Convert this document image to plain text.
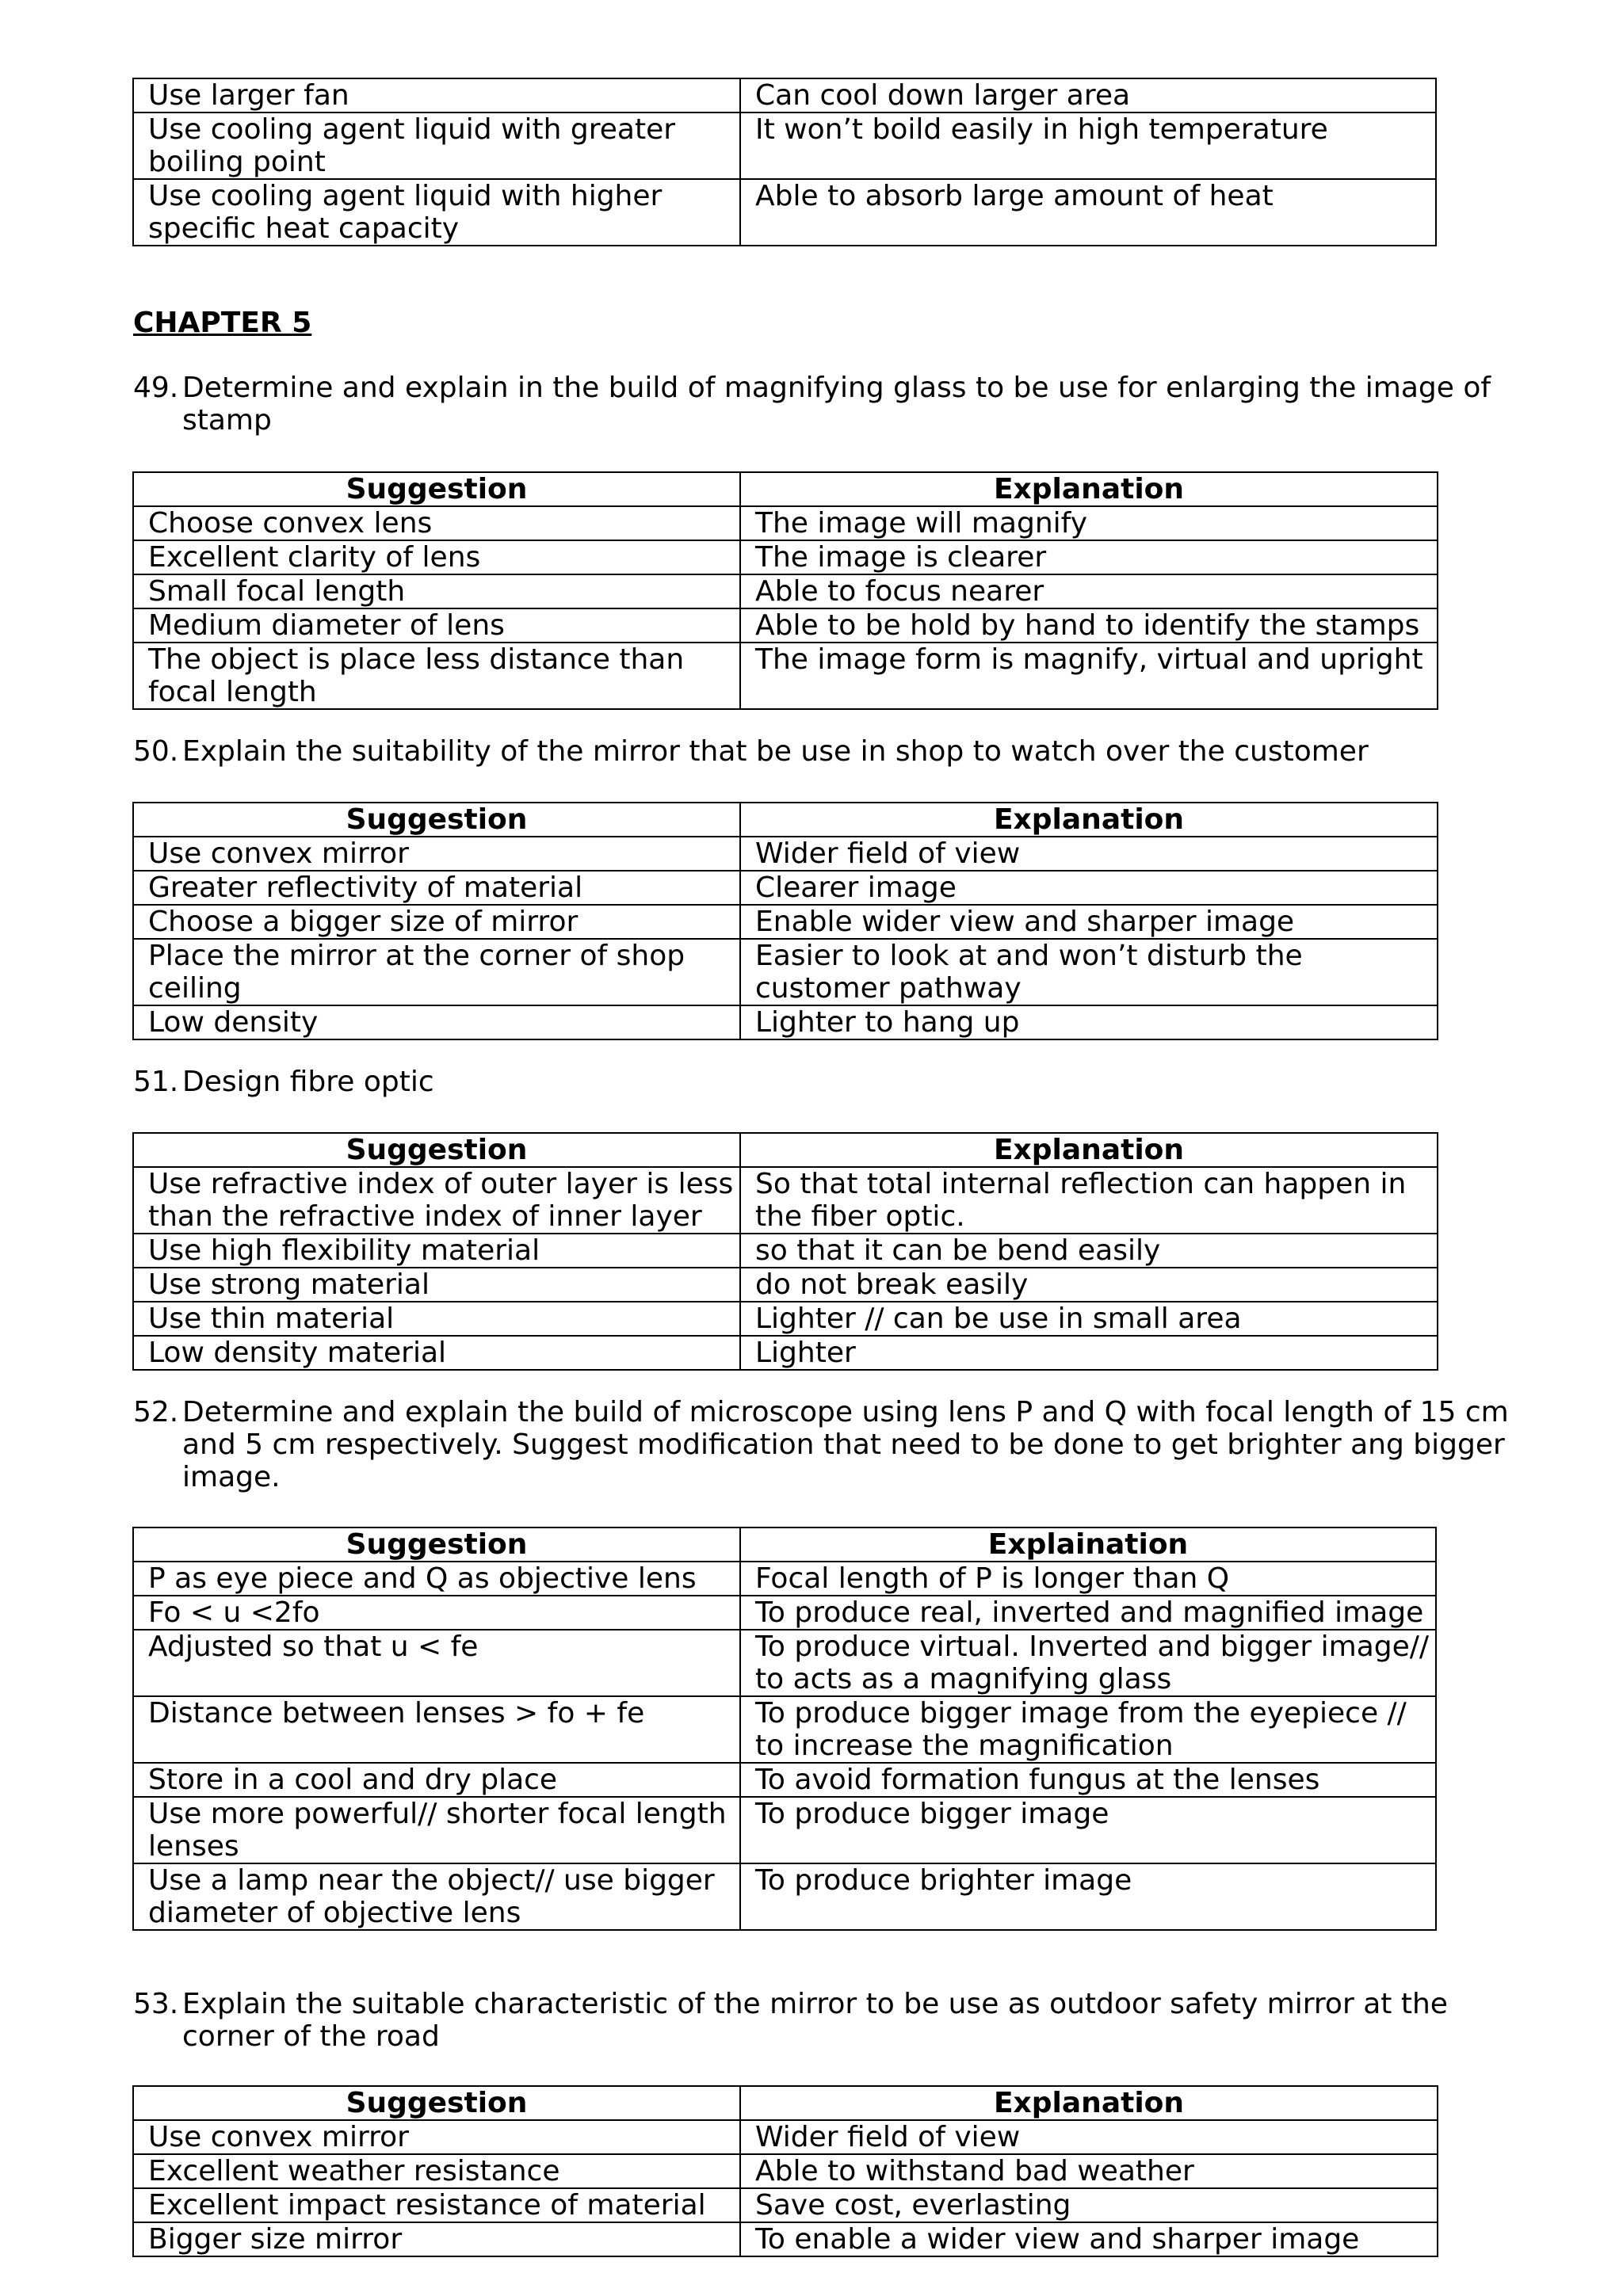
Use larger fan	Can cool down larger area
Use cooling agent liquid with greater boiling point	It won’t boild easily in high temperature
Use cooling agent liquid with higher specific heat capacity	Able to absorb large amount of heat

CHAPTER 5

49. Determine and explain in the build of magnifying glass to be use for enlarging the image of stamp
Suggestion	Explanation
Choose convex lens	The image will magnify
Excellent clarity of lens	The image is clearer
Small focal length	Able to focus nearer
Medium diameter of lens	Able to be hold by hand to identify the stamps
The object is place less distance than focal length	The image form is magnify, virtual and upright
50. Explain the suitability of the mirror that be use in shop to watch over the customer
Suggestion	Explanation
Use convex mirror	Wider field of view
Greater reflectivity of material	Clearer image
Choose a bigger size of mirror	Enable wider view and sharper image
Place the mirror at the corner of shop ceiling	Easier to look at and won’t disturb the customer pathway
Low density	Lighter to hang up
51. Design fibre optic
Suggestion	Explanation
Use refractive index of outer layer is less than the refractive index of inner layer	So that total internal reflection can happen in the fiber optic.
Use high flexibility material	so that it can be bend easily
Use strong material	do not break easily
Use thin material	Lighter // can be use in small area
Low density material	Lighter
52. Determine and explain the build of microscope using lens P and Q with focal length of 15 cm and 5 cm respectively. Suggest modification that need to be done to get brighter ang bigger image.
Suggestion	Explaination
P as eye piece and Q as objective lens	Focal length of P is longer than Q
Fo < u <2fo	To produce real, inverted and magnified image
Adjusted so that u < fe	To produce virtual. Inverted and bigger image// to acts as a magnifying glass
Distance between lenses > fo + fe	To produce bigger image from the eyepiece // to increase the magnification
Store in a cool and dry place	To avoid formation fungus at the lenses
Use more powerful// shorter focal length lenses	To produce bigger image
Use a lamp near the object// use bigger diameter of objective lens	To produce brighter image
53. Explain the suitable characteristic of the mirror to be use as outdoor safety mirror at the corner of the road
Suggestion	Explanation
Use convex mirror	Wider field of view
Excellent weather resistance	Able to withstand bad weather
Excellent impact resistance of material	Save cost, everlasting
Bigger size mirror	To enable a wider view and sharper image
